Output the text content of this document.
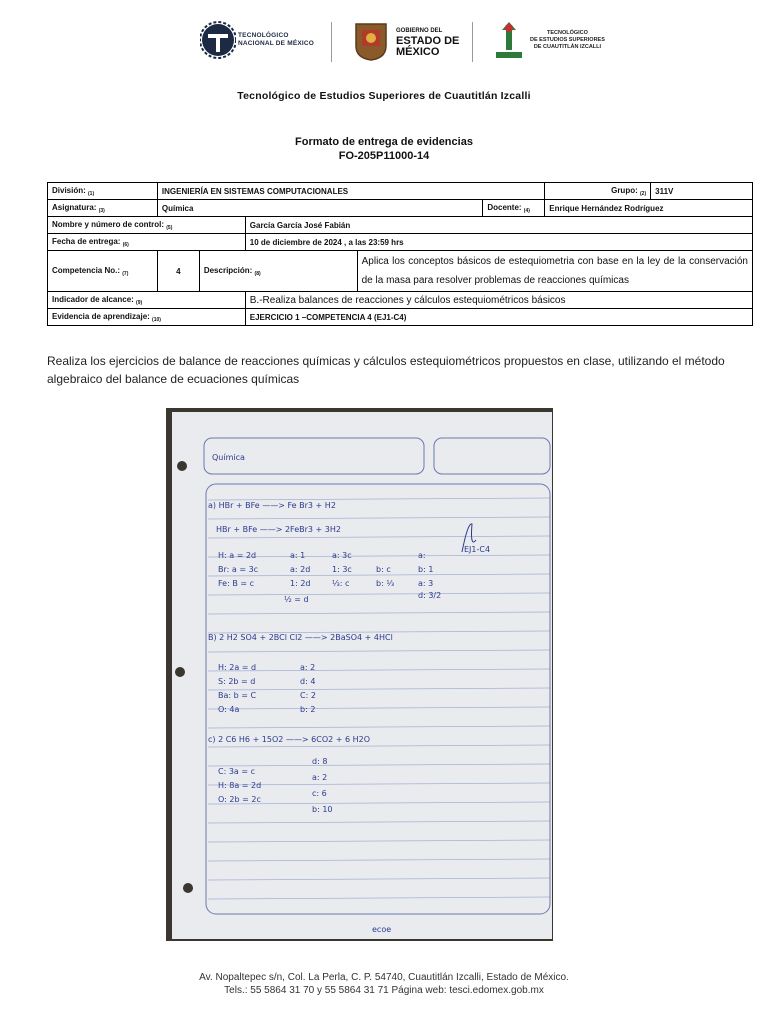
TECNOLÓGICO
NACIONAL DE MÉXICO
GOBIERNO DEL
ESTADO DE
MÉXICO
TECNOLÓGICO
DE ESTUDIOS SUPERIORES
DE CUAUTITLÁN IZCALLI
Tecnológico de Estudios Superiores de Cuautitlán Izcalli
Formato de entrega de evidencias
FO-205P11000-14
División: $_{(1)}$	INGENIERÍA EN SISTEMAS COMPUTACIONALES					Grupo: $_{(2)}$	311V
Asignatura: $_{(3)}$	Química				Docente: $_{(4)}$	Enrique Hernández Rodríguez	
Nombre y número de control: $_{(5)}$			García García José Fabián				
Fecha de entrega: $_{(6)}$			10 de diciembre de 2024 , a las 23:59 hrs				
Competencia No.: $_{(7)}$	4	Descripción: $_{(8)}$		Aplica los conceptos básicos de estequiometria con base en la ley de la conservación de la masa para resolver problemas de reacciones químicas			
Indicador de alcance: $_{(9)}$			B.-Realiza balances de reacciones y cálculos estequiométricos básicos				
Evidencia de aprendizaje: $_{(10)}$			EJERCICIO 1 –COMPETENCIA 4 (EJ1-C4)				
Realiza los ejercicios de balance de reacciones químicas y cálculos estequiométricos propuestos en clase, utilizando el método algebraico del balance de ecuaciones químicas
Química
a) HBr + BFe ——> Fe Br3 + H2
HBr + BFe ——> 2FeBr3 + 3H2
EJ1-C4
H: a = 2d
Br: a = 3c
Fe: B = c
a: 1
a: 2d
1: 2d
½ = d
a: 3c
1: 3c
⅓: c
b: c
b: ⅓
a:
b: 1
a: 3
d: 3/2
B) 2 H2 SO4 + 2BCl Cl2 ——> 2BaSO4 + 4HCl
H: 2a = d
S: 2b = d
Ba: b = C
O: 4a
a: 2
d: 4
C: 2
b: 2
c) 2 C6 H6 + 15O2 ——> 6CO2 + 6 H2O
C: 3a = c
H: 8a = 2d
O: 2b = 2c
d: 8
a: 2
c: 6
b: 10
ecoe
Av. Nopaltepec s/n, Col. La Perla, C. P. 54740, Cuautitlán Izcalli, Estado de México.
Tels.: 55 5864 31 70 y 55 5864 31 71 Página web: tesci.edomex.gob.mx
